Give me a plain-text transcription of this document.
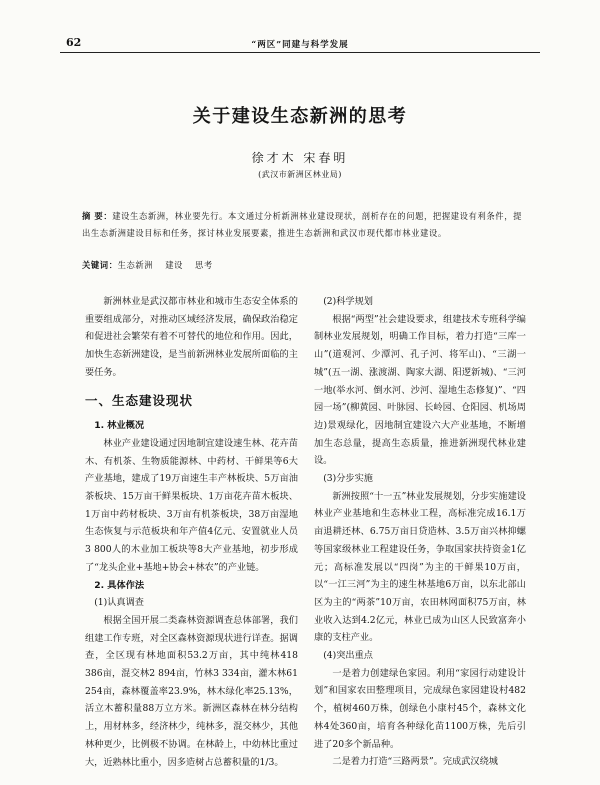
62	“两区”同建与科学发展
关于建设生态新洲的思考
徐才木 宋春明
(武汉市新洲区林业局)
摘 要：建设生态新洲，林业要先行。本文通过分析新洲林业建设现状，剖析存在的问题，把握建设有利条件，提出生态新洲建设目标和任务，探讨林业发展要素，推进生态新洲和武汉市现代都市林业建设。
关键词：生态新洲 建设 思考

新洲林业是武汉都市林业和城市生态安全体系的重要组成部分，对推动区域经济发展，确保政治稳定和促进社会繁荣有着不可替代的地位和作用。因此，加快生态新洲建设，是当前新洲林业发展所面临的主要任务。

一、生态建设现状
1. 林业概况

林业产业建设通过因地制宜建设速生林、花卉苗木、有机茶、生物质能源林、中药材、干鲜果等6大产业基地，建成了19万亩速生丰产林板块、5万亩油茶板块、15万亩干鲜果板块、1万亩花卉苗木板块、1万亩中药材板块、3万亩有机茶板块，38万亩湿地生态恢复与示范板块和年产值4亿元、安置就业人员3 800人的木业加工板块等8大产业基地，初步形成了“龙头企业+基地+协会+林农”的产业链。

2. 具体作法
(1)认真调查

根据全国开展二类森林资源调查总体部署，我们组建工作专班，对全区森林资源现状进行详查。据调查，全区现有林地面积53.2万亩，其中纯林418 386亩，混交林2 894亩，竹林3 334亩，灌木林61 254亩，森林覆盖率23.9%，林木绿化率25.13%，活立木蓄积量88万立方米。新洲区森林在林分结构上，用材林多，经济林少，纯林多，混交林少，其他林种更少，比例极不协调。在林龄上，中幼林比重过大，近熟林比重小，因多造树占总蓄积量的1/3。

(2)科学规划

根据“两型”社会建设要求，组建技术专班科学编制林业发展规划，明确工作目标，着力打造“三库一山”(道观河、少潭河、孔子河、将军山)、“三湖一城”(五一湖、涨渡湖、陶家大湖、阳逻新城)、“三河一地(举水河、倒水河、沙河、湿地生态修复)”、“四园一场”(柳黄园、叶脉园、长岭园、仓阳园、机场周边)景观绿化，因地制宜建设六大产业基地，不断增加生态总量，提高生态质量，推进新洲现代林业建设。

(3)分步实施

新洲按照“十一五”林业发展规划，分步实施建设林业产业基地和生态林业工程，高标准完成16.1万亩退耕还林、6.75万亩日贷造林、3.5万亩兴林抑螺等国家级林业工程建设任务，争取国家扶持资金1亿元；高标准发展以“四岗”为主的干鲜果10万亩，以“一江三河”为主的速生林基地6万亩，以东北部山区为主的“两茶”10万亩，农田林网面积75万亩，林业收入达到4.2亿元，林业已成为山区人民致富奔小康的支柱产业。

(4)突出重点

一是着力创建绿色家园。利用“家园行动建设计划”和国家农田整理项目，完成绿色家园建设村482个，植树460万株，创绿色小康村45个，森林文化林4处360亩，培育各种绿化苗1100万株，先后引进了20多个新品种。

二是着力打造“三路两景”。完成武汉绕城
